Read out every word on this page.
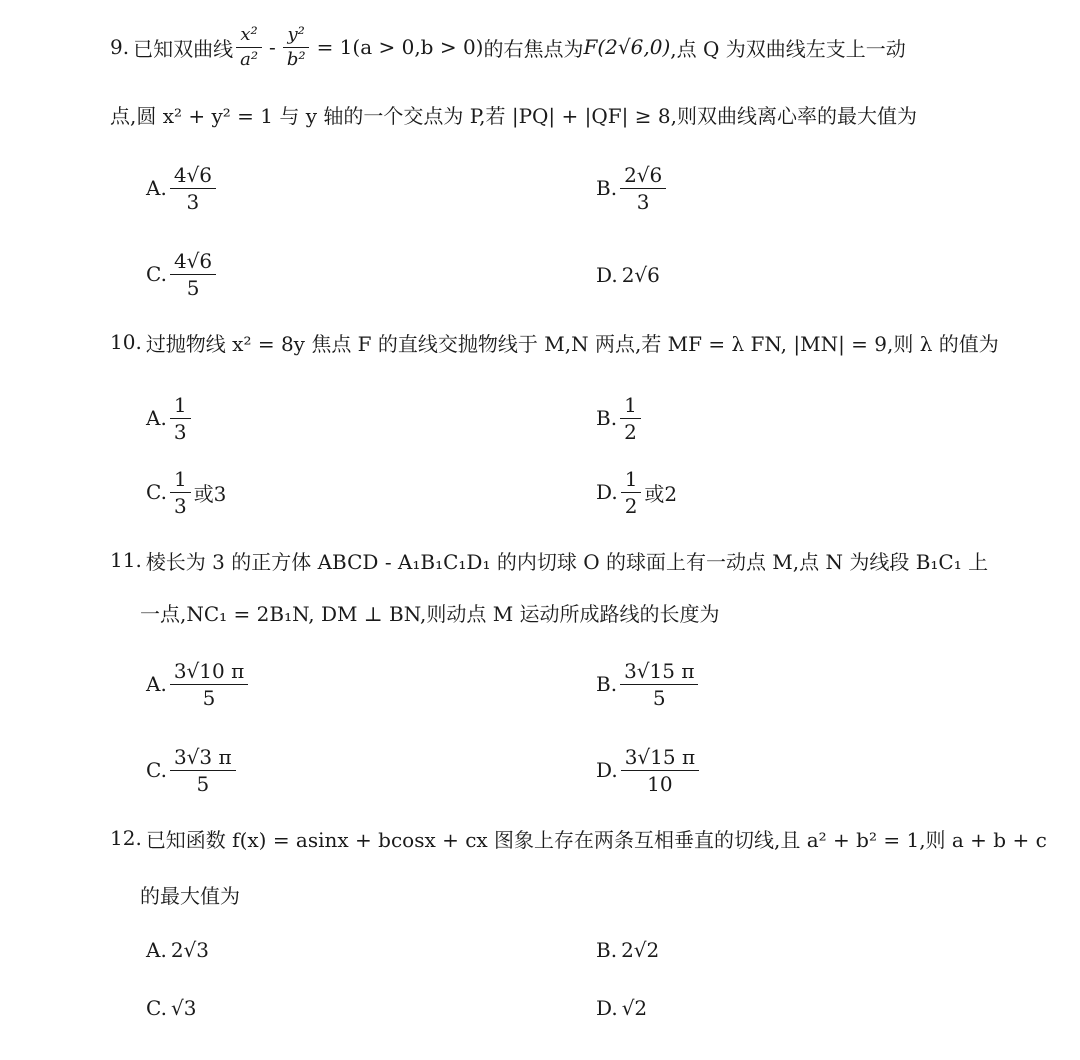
9. 已知双曲线 $\frac{\text{x²}}{\text{a²}} - \frac{\text{y²}}{\text{b²}} = 1(a > 0,b > 0)$ 的右焦点为 F(2√6,0) ,点 Q 为双曲线左支上一动
点,圆 x² + y² = 1 与 y 轴的一个交点为 P,若 |PQ| + |QF| ≥ 8,则双曲线离心率的最大值为
A. $\frac{4√6}{3}$	B. $\frac{2√6}{3}$
C. $\frac{4√6}{5}$	D. 2√6
10. 过抛物线 x² = 8y 焦点 F 的直线交抛物线于 M,N 两点,若 MF = λ FN, |MN| = 9,则 λ 的值为
A. $\frac{1}{3}$	B. $\frac{1}{2}$
C. $\frac{1}{3}$ 或3	D. $\frac{1}{2}$ 或2
11. 棱长为 3 的正方体 ABCD - A₁B₁C₁D₁ 的内切球 O 的球面上有一动点 M,点 N 为线段 B₁C₁ 上
一点,NC₁ = 2B₁N, DM ⊥ BN,则动点 M 运动所成路线的长度为
A. $\frac{3√10 \pi}{5}$	B. $\frac{3√15 \pi}{5}$
C. $\frac{3√3 \pi}{5}$	D. $\frac{3√15 \pi}{10}$
12. 已知函数 f(x) = asinx + bcosx + cx 图象上存在两条互相垂直的切线,且 a² + b² = 1,则 a + b + c
的最大值为
A. 2√3	B. 2√2
C. √3	D. √2
